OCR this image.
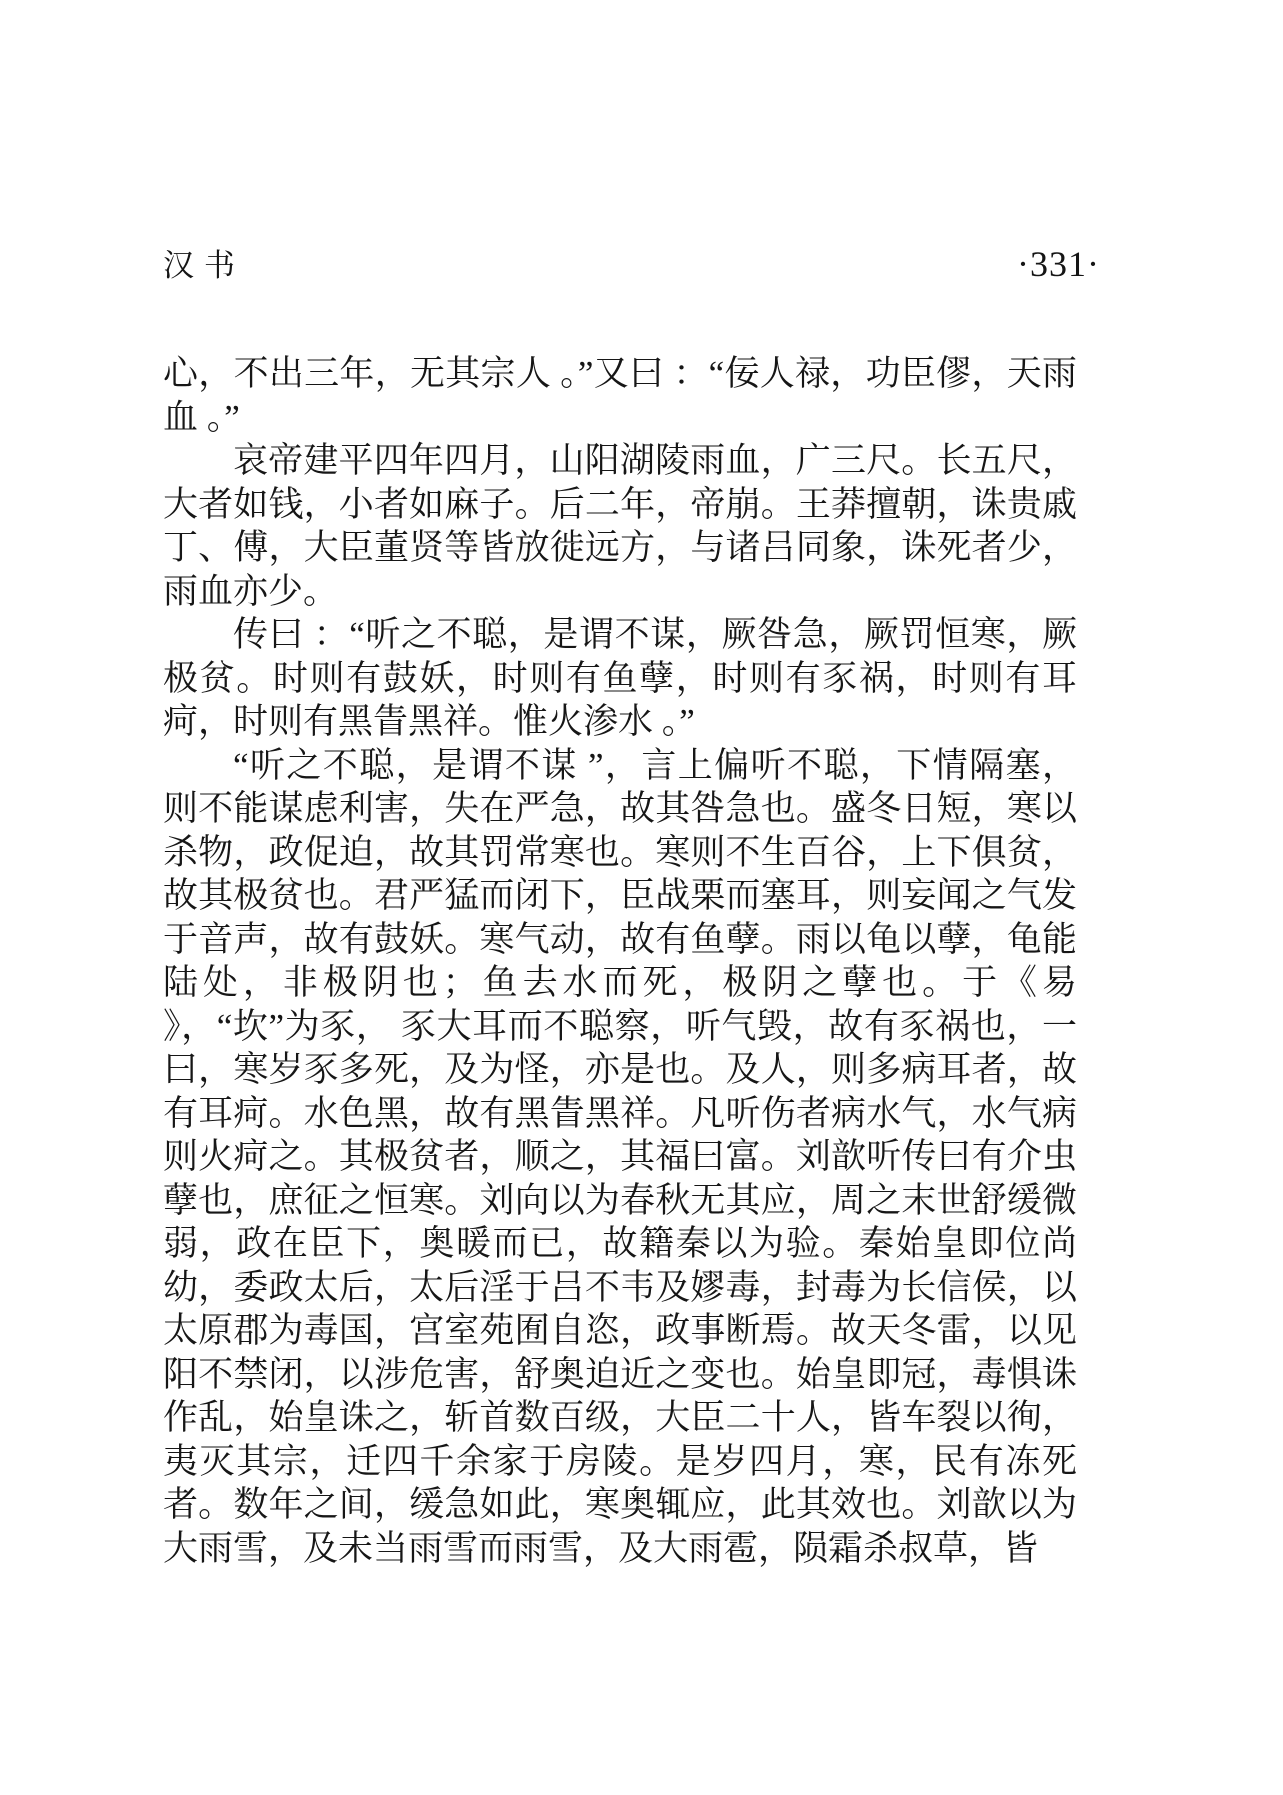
汉书	·331·

心，不出三年，无其宗人 。”又曰 ：“佞人禄，功臣僇，天雨血 。”

哀帝建平四年四月，山阳湖陵雨血，广三尺。长五尺，大者如钱，小者如麻子。后二年，帝崩。王莽擅朝，诛贵戚丁、傅，大臣董贤等皆放徙远方，与诸吕同象，诛死者少，雨血亦少。

传曰 ：“听之不聪，是谓不谋，厥咎急，厥罚恒寒，厥极贫。时则有鼓妖，时则有鱼孽，时则有豕祸，时则有耳疴，时则有黑眚黑祥。惟火渗水 。”

“听之不聪，是谓不谋 ”，言上偏听不聪，下情隔塞，则不能谋虑利害，失在严急，故其咎急也。盛冬日短，寒以杀物，政促迫，故其罚常寒也。寒则不生百谷，上下俱贫，故其极贫也。君严猛而闭下，臣战栗而塞耳，则妄闻之气发于音声，故有鼓妖。寒气动，故有鱼孽。雨以龟以孽，龟能陆处，非极阴也；鱼去水而死，极阴之孽也。于《易 》，“坎”为豕， 豕大耳而不聪察，听气毁，故有豕祸也，一曰，寒岁豕多死，及为怪，亦是也。及人，则多病耳者，故有耳疴。水色黑，故有黑眚黑祥。凡听伤者病水气，水气病则火疴之。其极贫者，顺之，其福曰富。刘歆听传曰有介虫孽也，庶征之恒寒。刘向以为春秋无其应，周之末世舒缓微弱，政在臣下，奥暖而已，故籍秦以为验。秦始皇即位尚幼，委政太后，太后淫于吕不韦及嫪毒，封毒为长信侯，以太原郡为毒国，宫室苑囿自恣，政事断焉。故天冬雷，以见阳不禁闭，以涉危害，舒奥迫近之变也。始皇即冠，毒惧诛作乱，始皇诛之，斩首数百级，大臣二十人，皆车裂以徇，夷灭其宗，迁四千余家于房陵。是岁四月，寒，民有冻死者。数年之间，缓急如此，寒奥辄应，此其效也。刘歆以为大雨雪，及未当雨雪而雨雪，及大雨雹，陨霜杀叔草，皆
